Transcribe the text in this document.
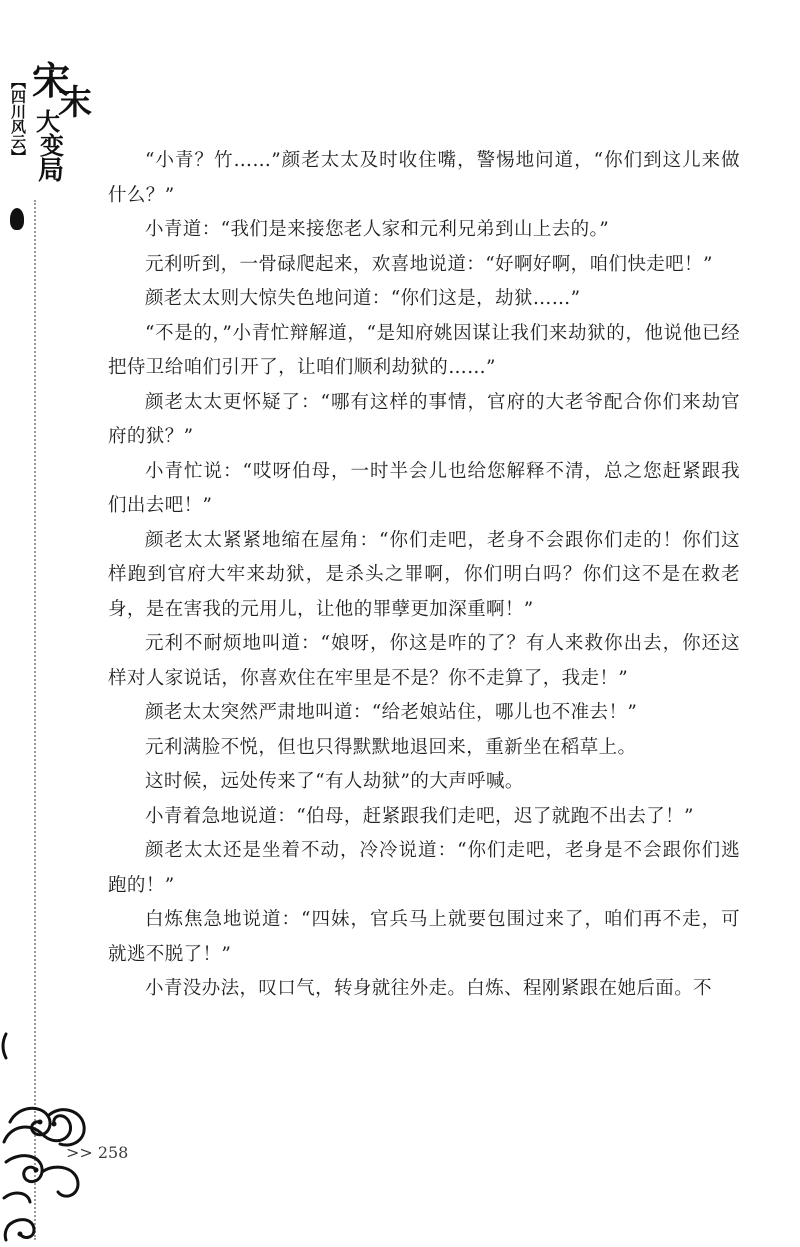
【四川风云】 宋
末
大
变
局	“小青？竹……”颜老太太及时收住嘴，警惕地问道，“你们到这儿来做什么？”

小青道：“我们是来接您老人家和元利兄弟到山上去的。”

元利听到，一骨碌爬起来，欢喜地说道：“好啊好啊，咱们快走吧！”

颜老太太则大惊失色地问道：“你们这是，劫狱……”

“不是的，”小青忙辩解道，“是知府姚因谋让我们来劫狱的，他说他已经把侍卫给咱们引开了，让咱们顺利劫狱的……”

颜老太太更怀疑了：“哪有这样的事情，官府的大老爷配合你们来劫官府的狱？”

小青忙说：“哎呀伯母，一时半会儿也给您解释不清，总之您赶紧跟我们出去吧！”

颜老太太紧紧地缩在屋角：“你们走吧，老身不会跟你们走的！你们这样跑到官府大牢来劫狱，是杀头之罪啊，你们明白吗？你们这不是在救老身，是在害我的元用儿，让他的罪孽更加深重啊！”

元利不耐烦地叫道：“娘呀，你这是咋的了？有人来救你出去，你还这样对人家说话，你喜欢住在牢里是不是？你不走算了，我走！”

颜老太太突然严肃地叫道：“给老娘站住，哪儿也不准去！”

元利满脸不悦，但也只得默默地退回来，重新坐在稻草上。

这时候，远处传来了“有人劫狱”的大声呼喊。

小青着急地说道：“伯母，赶紧跟我们走吧，迟了就跑不出去了！”

颜老太太还是坐着不动，冷冷说道：“你们走吧，老身是不会跟你们逃跑的！”

白炼焦急地说道：“四妹，官兵马上就要包围过来了，咱们再不走，可就逃不脱了！”

小青没办法，叹口气，转身就往外走。白炼、程刚紧跟在她后面。不

>> 258
